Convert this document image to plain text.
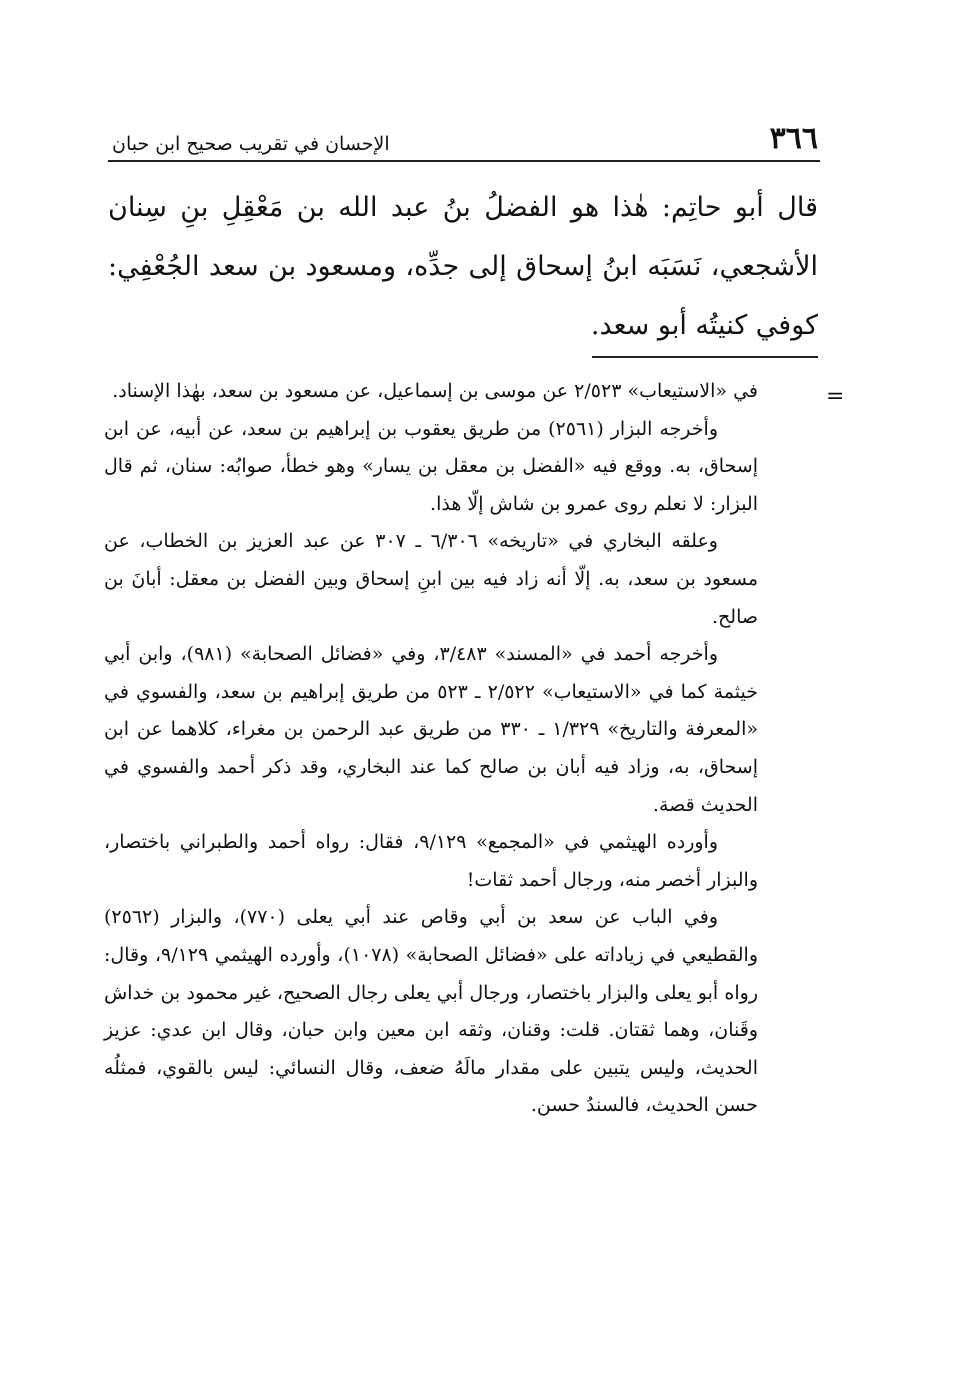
٣٦٦
الإحسان في تقريب صحيح ابن حبان

قال أبو حاتِم: هٰذا هو الفضلُ بنُ عبد الله بن مَعْقِلِ بنِ سِنان الأشجعي، نَسَبَه ابنُ إسحاق إلى جدِّه، ومسعود بن سعد الجُعْفِي: كوفي كنيتُه أبو سعد.

=

في «الاستيعاب» ٢/٥٢٣ عن موسى بن إسماعيل، عن مسعود بن سعد، بهٰذا الإسناد.

وأخرجه البزار (٢٥٦١) من طريق يعقوب بن إبراهيم بن سعد، عن أبيه، عن ابن إسحاق، به. ووقع فيه «الفضل بن معقل بن يسار» وهو خطأ، صوابُه: سنان، ثم قال البزار: لا نعلم روى عمرو بن شاش إلّا هذا.

وعلقه البخاري في «تاريخه» ٦/٣٠٦ ـ ٣٠٧ عن عبد العزيز بن الخطاب، عن مسعود بن سعد، به. إلّا أنه زاد فيه بين ابنِ إسحاق وبين الفضل بن معقل: أبانَ بن صالح.

وأخرجه أحمد في «المسند» ٣/٤٨٣، وفي «فضائل الصحابة» (٩٨١)، وابن أبي خيثمة كما في «الاستيعاب» ٢/٥٢٢ ـ ٥٢٣ من طريق إبراهيم بن سعد، والفسوي في «المعرفة والتاريخ» ١/٣٢٩ ـ ٣٣٠ من طريق عبد الرحمن بن مغراء، كلاهما عن ابن إسحاق، به، وزاد فيه أبان بن صالح كما عند البخاري، وقد ذكر أحمد والفسوي في الحديث قصة.

وأورده الهيثمي في «المجمع» ٩/١٢٩، فقال: رواه أحمد والطبراني باختصار، والبزار أخصر منه، ورجال أحمد ثقات!

وفي الباب عن سعد بن أبي وقاص عند أبي يعلى (٧٧٠)، والبزار (٢٥٦٢) والقطيعي في زياداته على «فضائل الصحابة» (١٠٧٨)، وأورده الهيثمي ٩/١٢٩، وقال: رواه أبو يعلى والبزار باختصار، ورجال أبي يعلى رجال الصحيح، غير محمود بن خداش وقَنان، وهما ثقتان. قلت: وقنان، وثقه ابن معين وابن حبان، وقال ابن عدي: عزيز الحديث، وليس يتبين على مقدار مالَهُ ضعف، وقال النسائي: ليس بالقوي، فمثلُه حسن الحديث، فالسندُ حسن.
